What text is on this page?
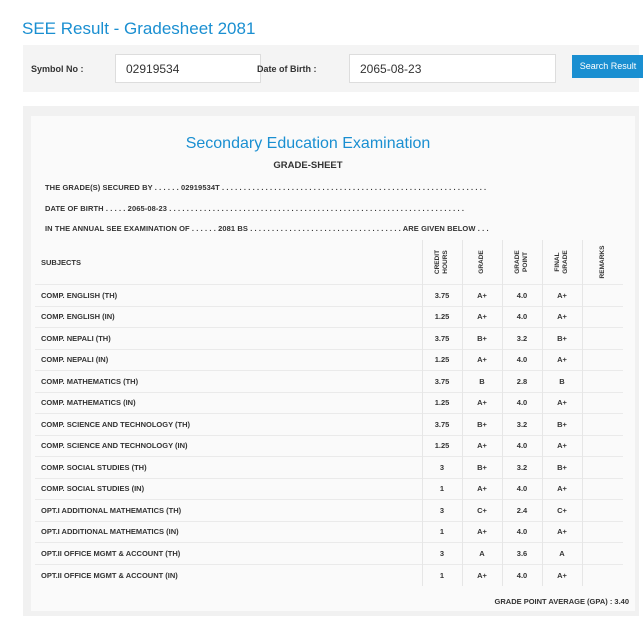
SEE Result - Gradesheet 2081
Symbol No :
02919534	Date of Birth :
2065-08-23	Search Result
Secondary Education Examination
GRADE-SHEET
THE GRADE(S) SECURED BY . . . . . . 02919534T . . . . . . . . . . . . . . . . . . . . . . . . . . . . . . . . . . . . . . . . . . . . . . . . . . . . . . . . . . . . .
DATE OF BIRTH . . . . . 2065-08-23 . . . . . . . . . . . . . . . . . . . . . . . . . . . . . . . . . . . . . . . . . . . . . . . . . . . . . . . . . . . . . . . . . . . .
IN THE ANNUAL SEE EXAMINATION OF . . . . . . 2081 BS . . . . . . . . . . . . . . . . . . . . . . . . . . . . . . . . . . . ARE GIVEN BELOW . . .
SUBJECTS	CREDIT HOURS	GRADE	GRADE POINT	FINAL GRADE	REMARKS

COMP. ENGLISH (TH)	3.75	A+	4.0	A+	
COMP. ENGLISH (IN)	1.25	A+	4.0	A+	
COMP. NEPALI (TH)	3.75	B+	3.2	B+	
COMP. NEPALI (IN)	1.25	A+	4.0	A+	
COMP. MATHEMATICS (TH)	3.75	B	2.8	B	
COMP. MATHEMATICS (IN)	1.25	A+	4.0	A+	
COMP. SCIENCE AND TECHNOLOGY (TH)	3.75	B+	3.2	B+	
COMP. SCIENCE AND TECHNOLOGY (IN)	1.25	A+	4.0	A+	
COMP. SOCIAL STUDIES (TH)	3	B+	3.2	B+	
COMP. SOCIAL STUDIES (IN)	1	A+	4.0	A+	
OPT.I ADDITIONAL MATHEMATICS (TH)	3	C+	2.4	C+	
OPT.I ADDITIONAL MATHEMATICS (IN)	1	A+	4.0	A+	
OPT.II OFFICE MGMT & ACCOUNT (TH)	3	A	3.6	A	
OPT.II OFFICE MGMT & ACCOUNT (IN)	1	A+	4.0	A+	
GRADE POINT AVERAGE (GPA) : 3.40
